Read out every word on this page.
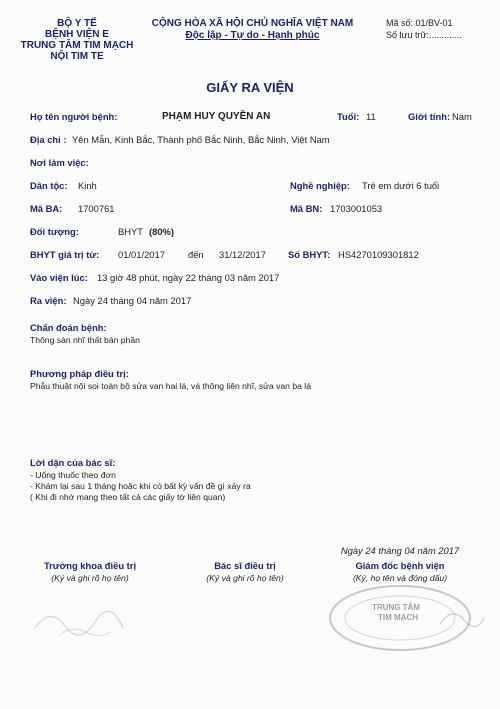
BỘ Y TẾ
BỆNH VIỆN E
TRUNG TÂM TIM MẠCH
NỘI TIM TE
CỘNG HÒA XÃ HỘI CHỦ NGHĨA VIỆT NAM
Độc lập - Tự do - Hạnh phúc
Mã số: 01/BV-01
Số lưu trữ:.............
GIẤY RA VIỆN
Họ tên người bệnh:	PHẠM HUY QUYỀN AN	Tuổi: 11	Giới tính: Nam
Địa chỉ : Yên Mẫn, Kinh Bắc, Thành phố Bắc Ninh, Bắc Ninh, Việt Nam
Nơi làm việc:
Dân tộc: Kinh	Nghề nghiệp: Trẻ em dưới 6 tuổi
Mã BA: 1700761	Mã BN: 1703001053
Đối tượng:	BHYT (80%)
BHYT giá trị từ: 01/01/2017 đến 31/12/2017 Số BHYT: HS4270109301812
Vào viện lúc: 13 giờ 48 phút, ngày 22 tháng 03 năm 2017
Ra viện: Ngày 24 tháng 04 năm 2017
Chẩn đoán bệnh:
Thông sàn nhĩ thất bán phần
Phương pháp điều trị:
Phẫu thuật nội soi toàn bộ sửa van hai lá, vá thông liên nhĩ, sửa van ba lá
Lời dặn của bác sĩ:
- Uống thuốc theo đơn
- Khám lại sau 1 tháng hoặc khi có bất kỳ vấn đề gì xảy ra
( Khi đi nhớ mang theo tất cả các giấy tờ liên quan)
Ngày 24 tháng 04 năm 2017
Trưởng khoa điều trị
(Ký và ghi rõ họ tên)
Bác sĩ điều trị
(Ký và ghi rõ họ tên)
Giám đốc bệnh viện
(Ký, họ tên và đóng dấu)
TRUNG TÂM
TIM MẠCH
